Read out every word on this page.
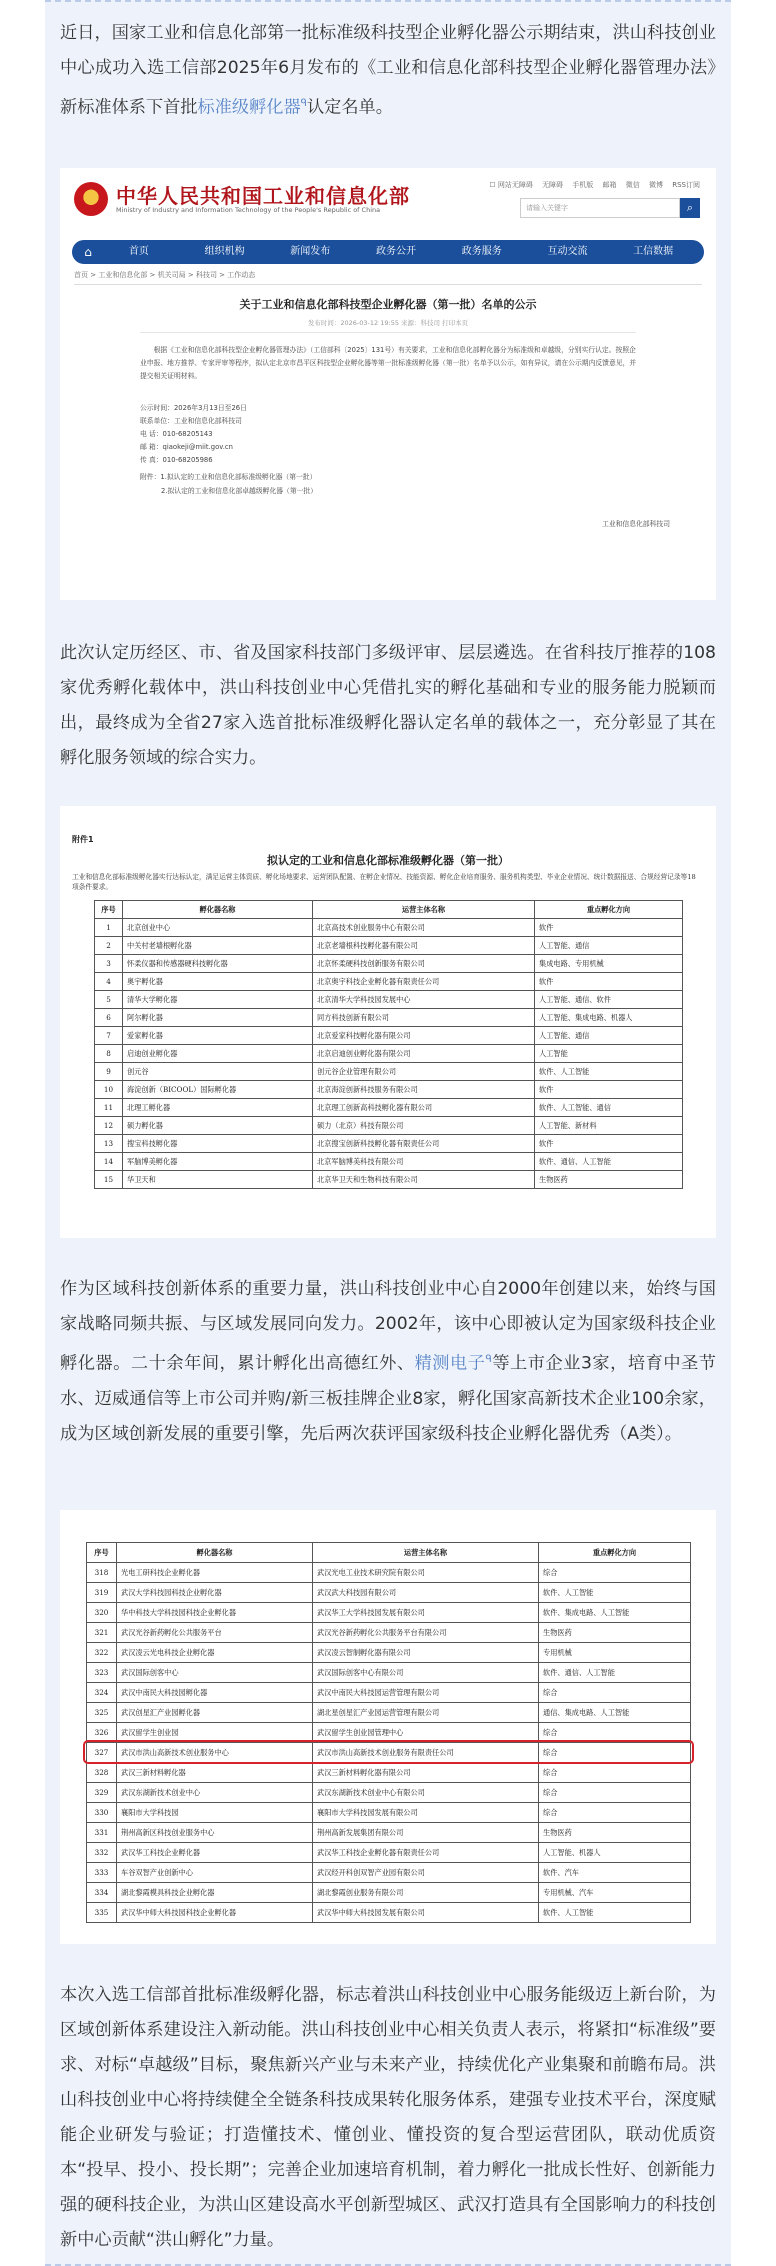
近日，国家工业和信息化部第一批标准级科技型企业孵化器公示期结束，洪山科技创业中心成功入选工信部2025年6月发布的《工业和信息化部科技型企业孵化器管理办法》新标准体系下首批标准级孵化器$^ᑫ$认定名单。

★
中华人民共和国工业和信息化部
Ministry of Industry and Information Technology of the People's Republic of China
☐ 网站无障碍 无障碍 手机版 邮箱 微信 微博 RSS订阅
请输入关键字	⌕
⌂	首页	组织机构	新闻发布	政务公开	政务服务	互动交流	工信数据
首页 > 工业和信息化部 > 机关司局 > 科技司 > 工作动态
关于工业和信息化部科技型企业孵化器（第一批）名单的公示
发布时间：2026-03-12 19:55 来源：科技司 打印本页
根据《工业和信息化部科技型企业孵化器管理办法》（工信部科〔2025〕131号）有关要求，工业和信息化部孵化器分为标准级和卓越级，分别实行认定。按照企业申报、地方推荐、专家评审等程序，拟认定北京市昌平区科技型企业孵化器等第一批标准级孵化器（第一批）名单予以公示，如有异议，请在公示期内反馈意见，并提交相关证明材料。
公示时间：2026年3月13日至26日
联系单位：工业和信息化部科技司
电 话：010-68205143
邮 箱：qiaokeji@miit.gov.cn
传 真：010-68205986
附件：1.拟认定的工业和信息化部标准级孵化器（第一批）
2.拟认定的工业和信息化部卓越级孵化器（第一批）
工业和信息化部科技司

此次认定历经区、市、省及国家科技部门多级评审、层层遴选。在省科技厅推荐的108家优秀孵化载体中，洪山科技创业中心凭借扎实的孵化基础和专业的服务能力脱颖而出，最终成为全省27家入选首批标准级孵化器认定名单的载体之一，充分彰显了其在孵化服务领域的综合实力。

附件1
拟认定的工业和信息化部标准级孵化器（第一批）
工业和信息化部标准级孵化器实行达标认定，满足运营主体资质、孵化场地要求、运营团队配置、在孵企业情况、技能资源、孵化企业培育服务、服务机构类型、毕业企业情况、统计数据报送、合规经营记录等18项条件要求。
序号	孵化器名称	运营主体名称	重点孵化方向
1	北京创业中心	北京高技术创业服务中心有限公司	软件
2	中关村老墙根孵化器	北京老墙根科技孵化器有限公司	人工智能、通信
3	怀柔仪器和传感器硬科技孵化器	北京怀柔硬科技创新服务有限公司	集成电路、专用机械
4	奥宇孵化器	北京奥宇科技企业孵化器有限责任公司	软件
5	清华大学孵化器	北京清华大学科技园发展中心	人工智能、通信、软件
6	阿尔孵化器	同方科技创新有限公司	人工智能、集成电路、机器人
7	爱家孵化器	北京爱家科技孵化器有限公司	人工智能、通信
8	启迪创业孵化器	北京启迪创业孵化器有限公司	人工智能
9	创元谷	创元谷企业管理有限公司	软件、人工智能
10	海淀创新（BICOOL）国际孵化器	北京海淀创新科技服务有限公司	软件
11	北理工孵化器	北京理工创新高科技孵化器有限公司	软件、人工智能、通信
12	硕力孵化器	硕力（北京）科技有限公司	人工智能、新材料
13	搜宝科技孵化器	北京搜宝创新科技孵化器有限责任公司	软件
14	军脑博美孵化器	北京军脑博美科技有限公司	软件、通信、人工智能
15	华卫天和	北京华卫天和生物科技有限公司	生物医药

作为区域科技创新体系的重要力量，洪山科技创业中心自2000年创建以来，始终与国家战略同频共振、与区域发展同向发力。2002年，该中心即被认定为国家级科技企业孵化器。二十余年间，累计孵化出高德红外、精测电子$^ᑫ$等上市企业3家，培育中圣节水、迈威通信等上市公司并购/新三板挂牌企业8家，孵化国家高新技术企业100余家，成为区域创新发展的重要引擎，先后两次获评国家级科技企业孵化器优秀（A类）。

序号	孵化器名称	运营主体名称	重点孵化方向
318	光电工研科技企业孵化器	武汉光电工业技术研究院有限公司	综合
319	武汉大学科技园科技企业孵化器	武汉武大科技园有限公司	软件、人工智能
320	华中科技大学科技园科技企业孵化器	武汉华工大学科技园发展有限公司	软件、集成电路、人工智能
321	武汉光谷新药孵化公共服务平台	武汉光谷新药孵化公共服务平台有限公司	生物医药
322	武汉凌云光电科技企业孵化器	武汉凌云智制孵化器有限公司	专用机械
323	武汉国际创客中心	武汉国际创客中心有限公司	软件、通信、人工智能
324	武汉中南民大科技园孵化器	武汉中南民大科技园运营管理有限公司	综合
325	武汉创星汇产业园孵化器	湖北星创星汇产业园运营管理有限公司	通信、集成电路、人工智能
326	武汉留学生创业园	武汉留学生创业园管理中心	综合
327	武汉市洪山高新技术创业服务中心	武汉市洪山高新技术创业服务有限责任公司	综合
328	武汉三新材料孵化器	武汉三新材料孵化器有限公司	综合
329	武汉东湖新技术创业中心	武汉东湖新技术创业中心有限公司	综合
330	襄阳市大学科技园	襄阳市大学科技园发展有限公司	综合
331	荆州高新区科技创业服务中心	荆州高新发展集团有限公司	生物医药
332	武汉华工科技企业孵化器	武汉华工科技企业孵化器有限责任公司	人工智能、机器人
333	车谷双智产业创新中心	武汉经开科创双智产业园有限公司	软件、汽车
334	湖北黎霞模具科技企业孵化器	湖北黎霞创业服务有限公司	专用机械、汽车
335	武汉华中师大科技园科技企业孵化器	武汉华中师大科技园发展有限公司	软件、人工智能

本次入选工信部首批标准级孵化器，标志着洪山科技创业中心服务能级迈上新台阶，为区域创新体系建设注入新动能。洪山科技创业中心相关负责人表示，将紧扣“标准级”要求、对标“卓越级”目标，聚焦新兴产业与未来产业，持续优化产业集聚和前瞻布局。洪山科技创业中心将持续健全全链条科技成果转化服务体系，建强专业技术平台，深度赋能企业研发与验证；打造懂技术、懂创业、懂投资的复合型运营团队，联动优质资本“投早、投小、投长期”；完善企业加速培育机制，着力孵化一批成长性好、创新能力强的硬科技企业，为洪山区建设高水平创新型城区、武汉打造具有全国影响力的科技创新中心贡献“洪山孵化”力量。
